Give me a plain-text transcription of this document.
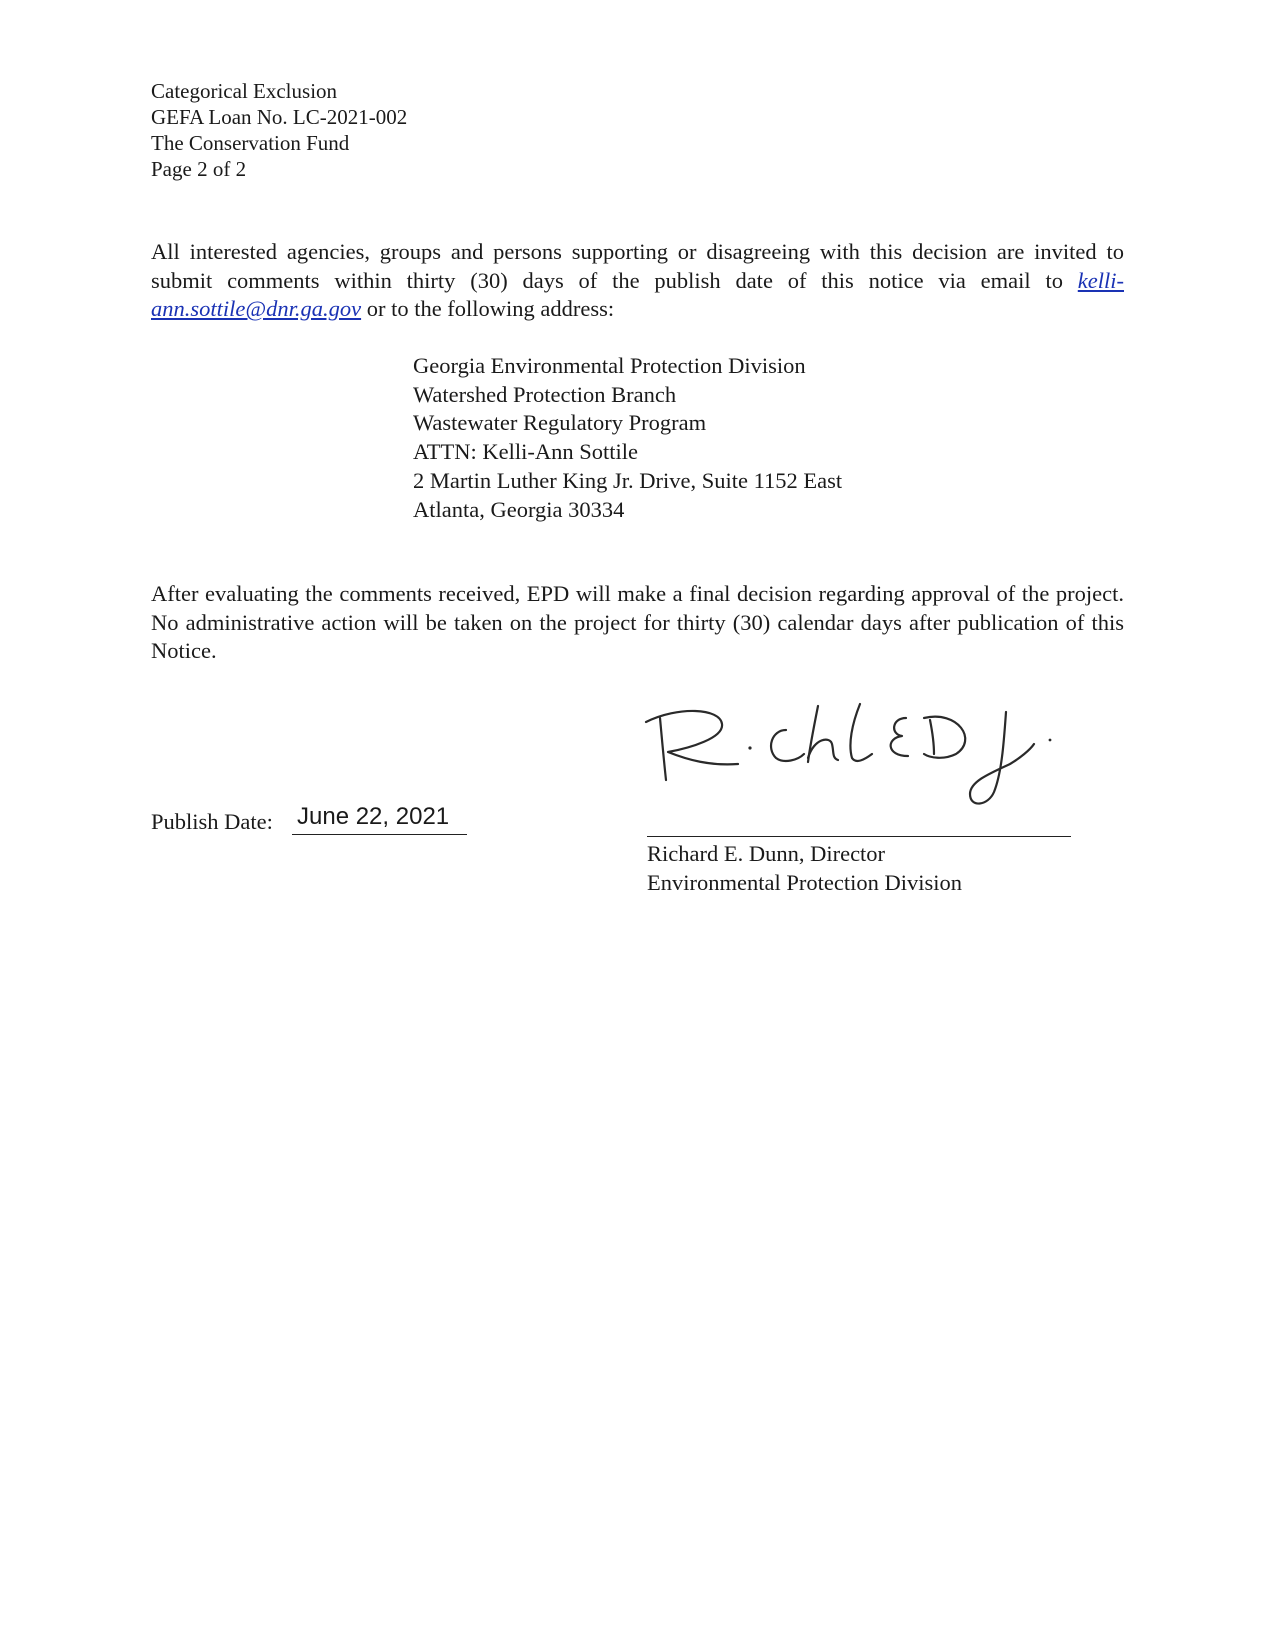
Categorical Exclusion
GEFA Loan No. LC-2021-002
The Conservation Fund
Page 2 of 2

All interested agencies, groups and persons supporting or disagreeing with this decision are invited to submit comments within thirty (30) days of the publish date of this notice via email to kelli-ann.sottile@dnr.ga.gov or to the following address:

Georgia Environmental Protection Division
Watershed Protection Branch
Wastewater Regulatory Program
ATTN: Kelli-Ann Sottile
2 Martin Luther King Jr. Drive, Suite 1152 East
Atlanta, Georgia 30334

After evaluating the comments received, EPD will make a final decision regarding approval of the project. No administrative action will be taken on the project for thirty (30) calendar days after publication of this Notice.

Publish Date: June 22, 2021
Richard E. Dunn, Director
Environmental Protection Division
